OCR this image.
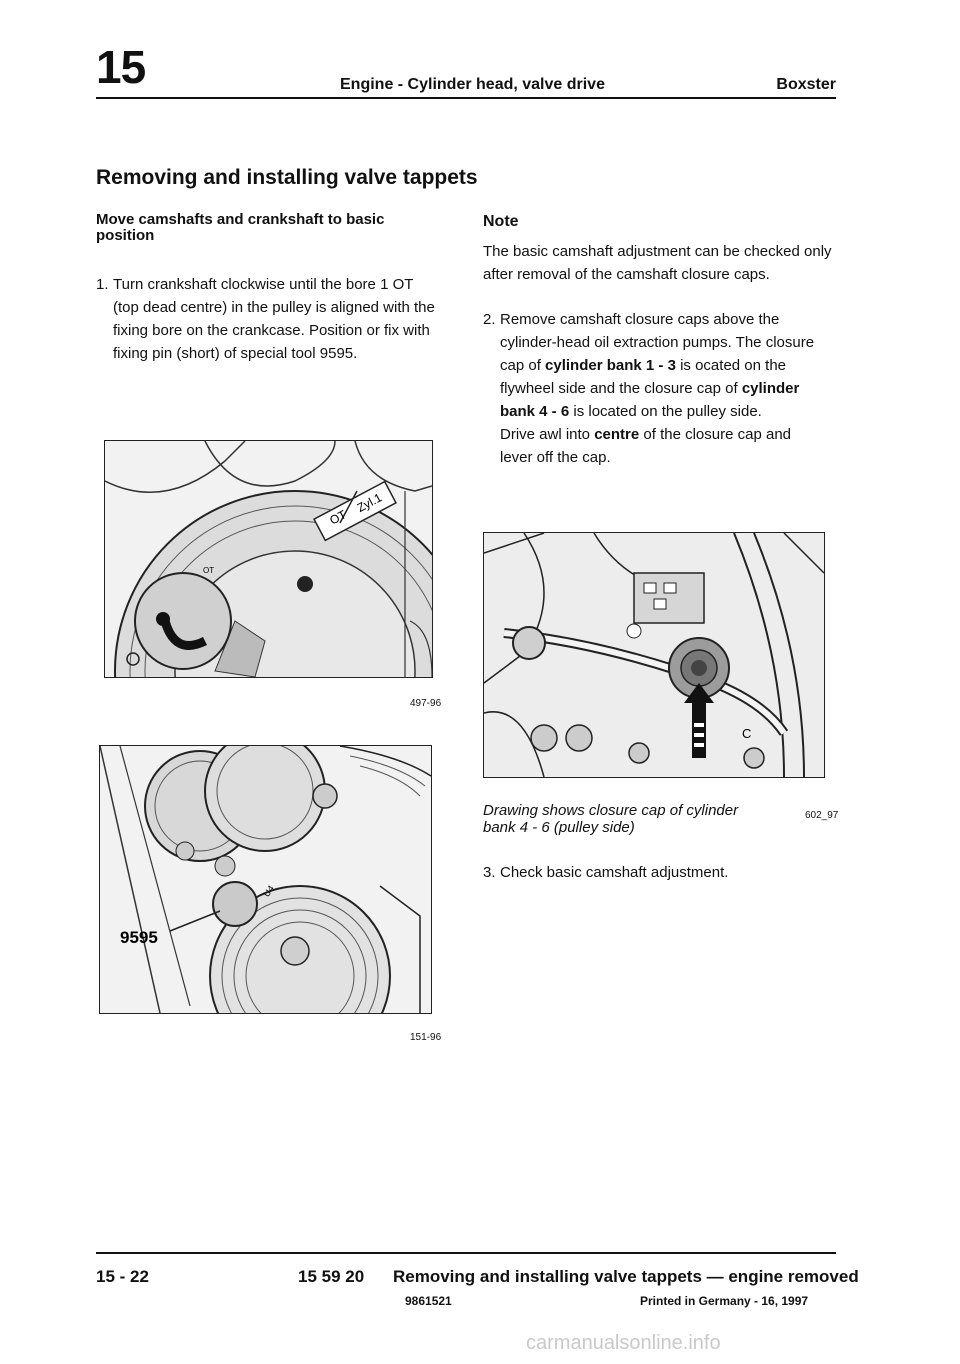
15	Engine - Cylinder head, valve drive	Boxster
Removing and installing valve tappets
Move camshafts and crankshaft to basic position
1. Turn crankshaft clockwise until the bore 1 OT (top dead centre) in the pulley is aligned with the fixing bore on the crankcase. Position or fix with fixing pin (short) of special tool 9595.
OT
Zyl.1
OT
497-96
9595
U4
151-96
Note
The basic camshaft adjustment can be checked only after removal of the camshaft closure caps.
2. Remove camshaft closure caps above the cylinder-head oil extraction pumps. The closure cap of cylinder bank 1 - 3 is ocated on the flywheel side and the closure cap of cylinder bank 4 - 6 is located on the pulley side.
Drive awl into centre of the closure cap and lever off the cap.
C
Drawing shows closure cap of cylinder bank 4 - 6 (pulley side)
602_97
3. Check basic camshaft adjustment.
15 - 22	15 59 20 Removing and installing valve tappets — engine removed
9861521	Printed in Germany - 16, 1997
carmanualsonline.info
